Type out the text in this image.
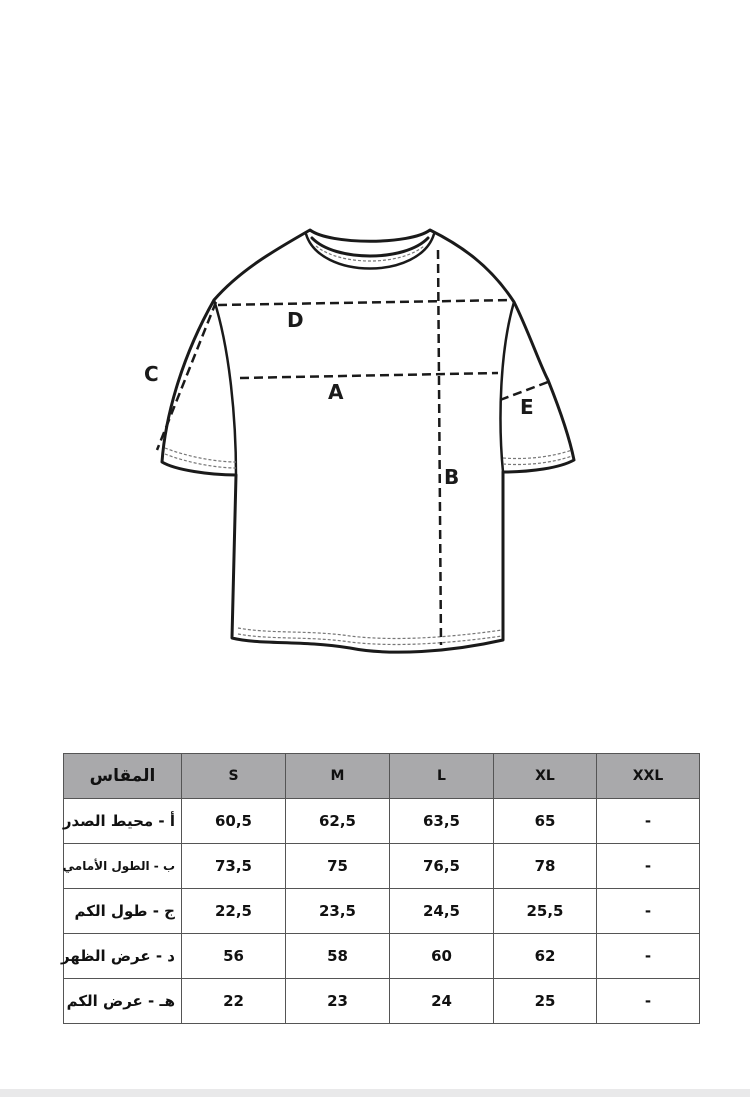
D
A
B
C
E
المقاس	S	M	L	XL	XXL
أ - محيط الصدر	60,5	62,5	63,5	65	-
ب - الطول الأمامي	73,5	75	76,5	78	-
ج - طول الكم	22,5	23,5	24,5	25,5	-
د - عرض الظهر	56	58	60	62	-
هـ - عرض الكم	22	23	24	25	-
